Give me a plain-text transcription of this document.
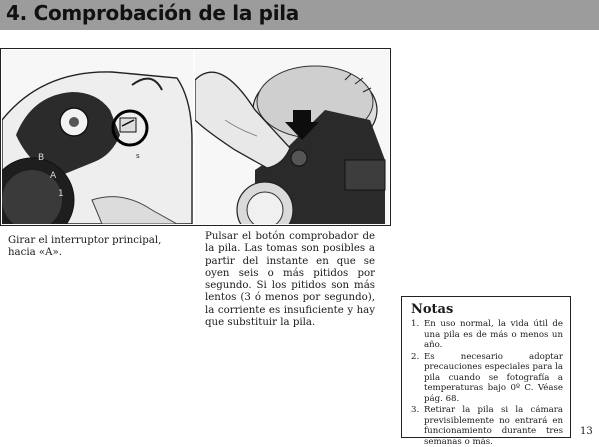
4. Comprobación de la pila
B
A
1
s
Girar el interruptor principal, hacia «A».
Pulsar el botón comprobador de la pila. Las tomas son posibles a partir del instante en que se oyen seis o más pitidos por segundo. Si los pitidos son más lentos (3 ó menos por segundo), la corriente es insuficiente y hay que substituir la pila.
Notas
1. En uso normal, la vida útil de una pila es de más o menos un año.
2. Es necesario adoptar precauciones especiales para la pila cuando se fotografía a temperaturas bajo 0º C. Véase pág. 68.
3. Retirar la pila si la cámara previsiblemente no entrará en funcionamiento durante tres semanas o más.
13
